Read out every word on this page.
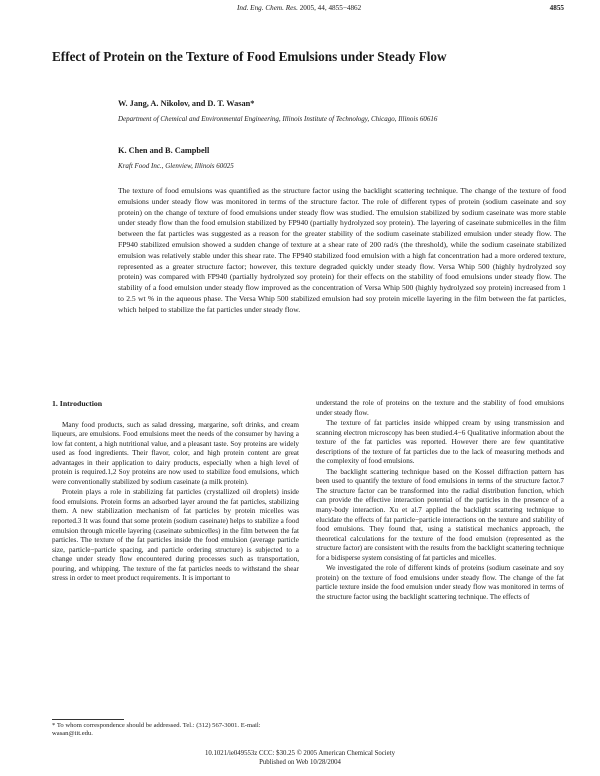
Ind. Eng. Chem. Res. 2005, 44, 4855−4862	4855
Effect of Protein on the Texture of Food Emulsions under Steady Flow
W. Jang, A. Nikolov, and D. T. Wasan*
Department of Chemical and Environmental Engineering, Illinois Institute of Technology, Chicago, Illinois 60616
K. Chen and B. Campbell
Kraft Food Inc., Glenview, Illinois 60025
The texture of food emulsions was quantified as the structure factor using the backlight scattering technique. The change of the texture of food emulsions under steady flow was monitored in terms of the structure factor. The role of different types of protein (sodium caseinate and soy protein) on the change of texture of food emulsions under steady flow was studied. The emulsion stabilized by sodium caseinate was more stable under steady flow than the food emulsion stabilized by FP940 (partially hydrolyzed soy protein). The layering of caseinate submicelles in the film between the fat particles was suggested as a reason for the greater stability of the sodium caseinate stabilized emulsion under steady flow. The FP940 stabilized emulsion showed a sudden change of texture at a shear rate of 200 rad/s (the threshold), while the sodium caseinate stabilized emulsion was relatively stable under this shear rate. The FP940 stabilized food emulsion with a high fat concentration had a more ordered texture, represented as a greater structure factor; however, this texture degraded quickly under steady flow. Versa Whip 500 (highly hydrolyzed soy protein) was compared with FP940 (partially hydrolyzed soy protein) for their effects on the stability of food emulsions under steady flow. The stability of a food emulsion under steady flow improved as the concentration of Versa Whip 500 (highly hydrolyzed soy protein) increased from 1 to 2.5 wt % in the aqueous phase. The Versa Whip 500 stabilized emulsion had soy protein micelle layering in the film between the fat particles, which helped to stabilize the fat particles under steady flow.

1. Introduction

Many food products, such as salad dressing, margarine, soft drinks, and cream liqueurs, are emulsions. Food emulsions meet the needs of the consumer by having a low fat content, a high nutritional value, and a pleasant taste. Soy proteins are widely used as food ingredients. Their flavor, color, and high protein content are great advantages in their application to dairy products, especially when a high level of protein is required.1,2 Soy proteins are now used to stabilize food emulsions, which were conventionally stabilized by sodium caseinate (a milk protein).

Protein plays a role in stabilizing fat particles (crystallized oil droplets) inside food emulsions. Protein forms an adsorbed layer around the fat particles, stabilizing them. A new stabilization mechanism of fat particles by protein micelles was reported.3 It was found that some protein (sodium caseinate) helps to stabilize a food emulsion through micelle layering (caseinate submicelles) in the film between the fat particles. The texture of the fat particles inside the food emulsion (average particle size, particle−particle spacing, and particle ordering structure) is subjected to a change under steady flow encountered during processes such as transportation, pouring, and whipping. The texture of the fat particles needs to withstand the shear stress in order to meet product requirements. It is important to

understand the role of proteins on the texture and the stability of food emulsions under steady flow.

The texture of fat particles inside whipped cream by using transmission and scanning electron microscopy has been studied.4−6 Qualitative information about the texture of the fat particles was reported. However there are few quantitative descriptions of the texture of fat particles due to the lack of measuring methods and the complexity of food emulsions.

The backlight scattering technique based on the Kossel diffraction pattern has been used to quantify the texture of food emulsions in terms of the structure factor.7 The structure factor can be transformed into the radial distribution function, which can provide the effective interaction potential of the particles in the presence of a many-body interaction. Xu et al.7 applied the backlight scattering technique to elucidate the effects of fat particle−particle interactions on the texture and stability of food emulsions. They found that, using a statistical mechanics approach, the theoretical calculations for the texture of the food emulsion (represented as the structure factor) are consistent with the results from the backlight scattering technique for a bidisperse system consisting of fat particles and micelles.

We investigated the role of different kinds of proteins (sodium caseinate and soy protein) on the texture of food emulsions under steady flow. The change of the fat particle texture inside the food emulsion under steady flow was monitored in terms of the structure factor using the backlight scattering technique. The effects of

* To whom correspondence should be addressed. Tel.: (312) 567-3001. E-mail: wasan@iit.edu.
10.1021/ie049553z CCC: $30.25 © 2005 American Chemical Society
Published on Web 10/28/2004
